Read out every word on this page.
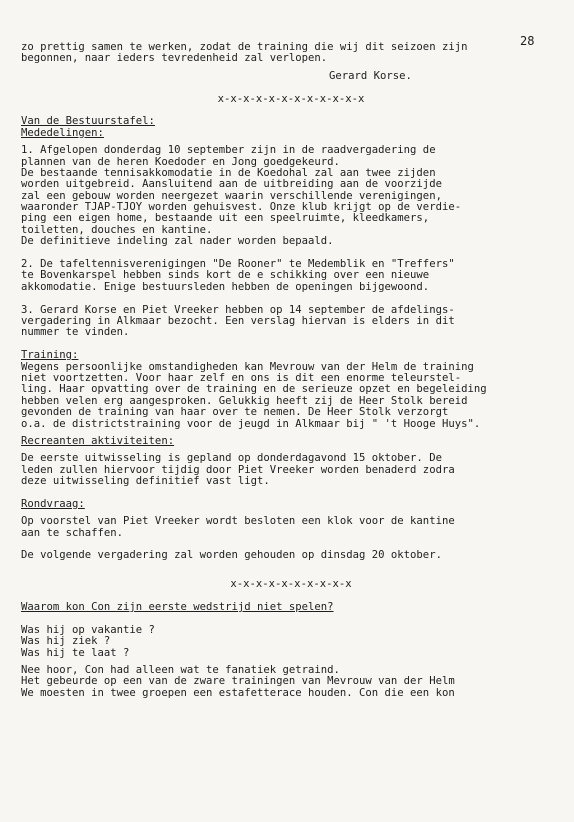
28
zo prettig samen te werken, zodat de training die wij dit seizoen zijn
begonnen, naar ieders tevredenheid zal verlopen.
Gerard Korse.
x-x-x-x-x-x-x-x-x-x-x-x
Van de Bestuurstafel:
Mededelingen:
1. Afgelopen donderdag 10 september zijn in de raadvergadering de
plannen van de heren Koedoder en Jong goedgekeurd.
De bestaande tennisakkomodatie in de Koedohal zal aan twee zijden
worden uitgebreid. Aansluitend aan de uitbreiding aan de voorzijde
zal een gebouw worden neergezet waarin verschillende verenigingen,
waaronder TJAP-TJOY worden gehuisvest. Onze klub krijgt op de verdie-
ping een eigen home, bestaande uit een speelruimte, kleedkamers,
toiletten, douches en kantine.
De definitieve indeling zal nader worden bepaald.
2. De tafeltennisverenigingen "De Rooner" te Medemblik en "Treffers"
te Bovenkarspel hebben sinds kort de e schikking over een nieuwe
akkomodatie. Enige bestuursleden hebben de openingen bijgewoond.
3. Gerard Korse en Piet Vreeker hebben op 14 september de afdelings-
vergadering in Alkmaar bezocht. Een verslag hiervan is elders in dit
nummer te vinden.
Training:
Wegens persoonlijke omstandigheden kan Mevrouw van der Helm de training
niet voortzetten. Voor haar zelf en ons is dit een enorme teleurstel-
ling. Haar opvatting over de training en de serieuze opzet en begeleiding
hebben velen erg aangesproken. Gelukkig heeft zij de Heer Stolk bereid
gevonden de training van haar over te nemen. De Heer Stolk verzorgt
o.a. de districtstraining voor de jeugd in Alkmaar bij " 't Hooge Huys".
Recreanten aktiviteiten:
De eerste uitwisseling is gepland op donderdagavond 15 oktober. De
leden zullen hiervoor tijdig door Piet Vreeker worden benaderd zodra
deze uitwisseling definitief vast ligt.
Rondvraag:
Op voorstel van Piet Vreeker wordt besloten een klok voor de kantine
aan te schaffen.
De volgende vergadering zal worden gehouden op dinsdag 20 oktober.
x-x-x-x-x-x-x-x-x-x
Waarom kon Con zijn eerste wedstrijd niet spelen?
Was hij op vakantie ?
Was hij ziek ?
Was hij te laat ?
Nee hoor, Con had alleen wat te fanatiek getraind.
Het gebeurde op een van de zware trainingen van Mevrouw van der Helm
We moesten in twee groepen een estafetterace houden. Con die een kon
